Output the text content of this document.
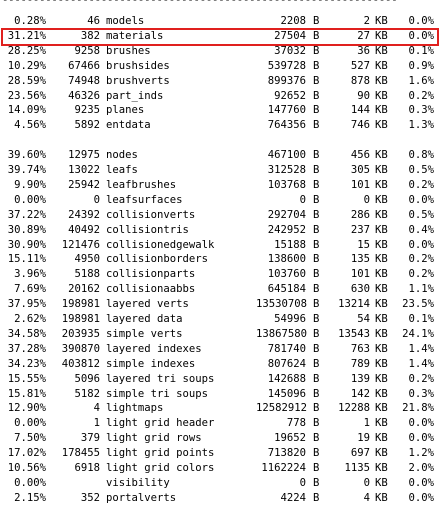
----------------------------------------------------------------
0.28%	46 models	2208 B	2 KB	0.0%
31.21%	382 materials	27504 B	27 KB	0.0%
28.25%	9258 brushes	37032 B	36 KB	0.1%
10.29%	67466 brushsides	539728 B	527 KB	0.9%
28.59%	74948 brushverts	899376 B	878 KB	1.6%
23.56%	46326 part_inds	92652 B	90 KB	0.2%
14.09%	9235 planes	147760 B	144 KB	0.3%
4.56%	5892 entdata	764356 B	746 KB	1.3%
39.60%	12975 nodes	467100 B	456 KB	0.8%
39.74%	13022 leafs	312528 B	305 KB	0.5%
9.90%	25942 leafbrushes	103768 B	101 KB	0.2%
0.00%	0 leafsurfaces	0 B	0 KB	0.0%
37.22%	24392 collisionverts	292704 B	286 KB	0.5%
30.89%	40492 collisiontris	242952 B	237 KB	0.4%
30.90%	121476 collisionedgewalk	15188 B	15 KB	0.0%
15.11%	4950 collisionborders	138600 B	135 KB	0.2%
3.96%	5188 collisionparts	103760 B	101 KB	0.2%
7.69%	20162 collisionaabbs	645184 B	630 KB	1.1%
37.95%	198981 layered verts	13530708 B	13214 KB	23.5%
2.62%	198981 layered data	54996 B	54 KB	0.1%
34.58%	203935 simple verts	13867580 B	13543 KB	24.1%
37.28%	390870 layered indexes	781740 B	763 KB	1.4%
34.23%	403812 simple indexes	807624 B	789 KB	1.4%
15.55%	5096 layered tri soups	142688 B	139 KB	0.2%
15.81%	5182 simple tri soups	145096 B	142 KB	0.3%
12.90%	4 lightmaps	12582912 B	12288 KB	21.8%
0.00%	1 light grid header	778 B	1 KB	0.0%
7.50%	379 light grid rows	19652 B	19 KB	0.0%
17.02%	178455 light grid points	713820 B	697 KB	1.2%
10.56%	6918 light grid colors	1162224 B	1135 KB	2.0%
0.00%	visibility	0 B	0 KB	0.0%
2.15%	352 portalverts	4224 B	4 KB	0.0%
